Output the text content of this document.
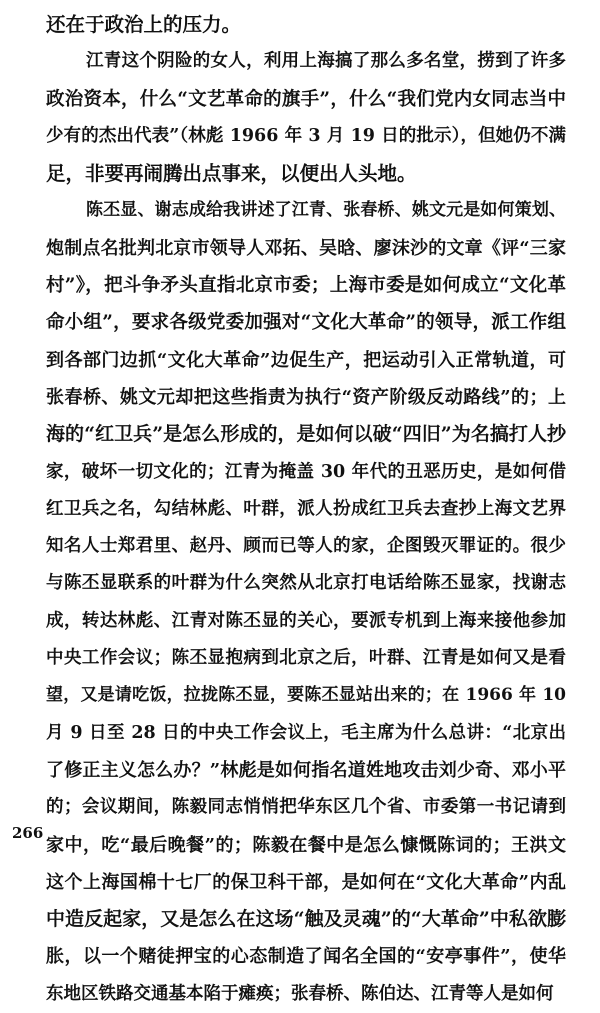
还在于政治上的压力。
江青这个阴险的女人，利用上海搞了那么多名堂，捞到了许多
政治资本，什么“文艺革命的旗手”，什么“我们党内女同志当中
少有的杰出代表”（林彪 1966 年 3 月 19 日的批示），但她仍不满
足，非要再闹腾出点事来，以便出人头地。
陈丕显、谢志成给我讲述了江青、张春桥、姚文元是如何策划、
炮制点名批判北京市领导人邓拓、吴晗、廖沫沙的文章《评“三家
村”》，把斗争矛头直指北京市委；上海市委是如何成立“文化革
命小组”，要求各级党委加强对“文化大革命”的领导，派工作组
到各部门边抓“文化大革命”边促生产，把运动引入正常轨道，可
张春桥、姚文元却把这些指责为执行“资产阶级反动路线”的；上
海的“红卫兵”是怎么形成的，是如何以破“四旧”为名搞打人抄
家，破坏一切文化的；江青为掩盖 30 年代的丑恶历史，是如何借
红卫兵之名，勾结林彪、叶群，派人扮成红卫兵去查抄上海文艺界
知名人士郑君里、赵丹、顾而已等人的家，企图毁灭罪证的。很少
与陈丕显联系的叶群为什么突然从北京打电话给陈丕显家，找谢志
成，转达林彪、江青对陈丕显的关心，要派专机到上海来接他参加
中央工作会议；陈丕显抱病到北京之后，叶群、江青是如何又是看
望，又是请吃饭，拉拢陈丕显，要陈丕显站出来的；在 1966 年 10
月 9 日至 28 日的中央工作会议上，毛主席为什么总讲：“北京出
了修正主义怎么办？”林彪是如何指名道姓地攻击刘少奇、邓小平
的；会议期间，陈毅同志悄悄把华东区几个省、市委第一书记请到
家中，吃“最后晚餐”的；陈毅在餐中是怎么慷慨陈词的；王洪文
这个上海国棉十七厂的保卫科干部，是如何在“文化大革命”内乱
中造反起家，又是怎么在这场“触及灵魂”的“大革命”中私欲膨
胀，以一个赌徒押宝的心态制造了闻名全国的“安亭事件”，使华
东地区铁路交通基本陷于瘫痪；张春桥、陈伯达、江青等人是如何
266
